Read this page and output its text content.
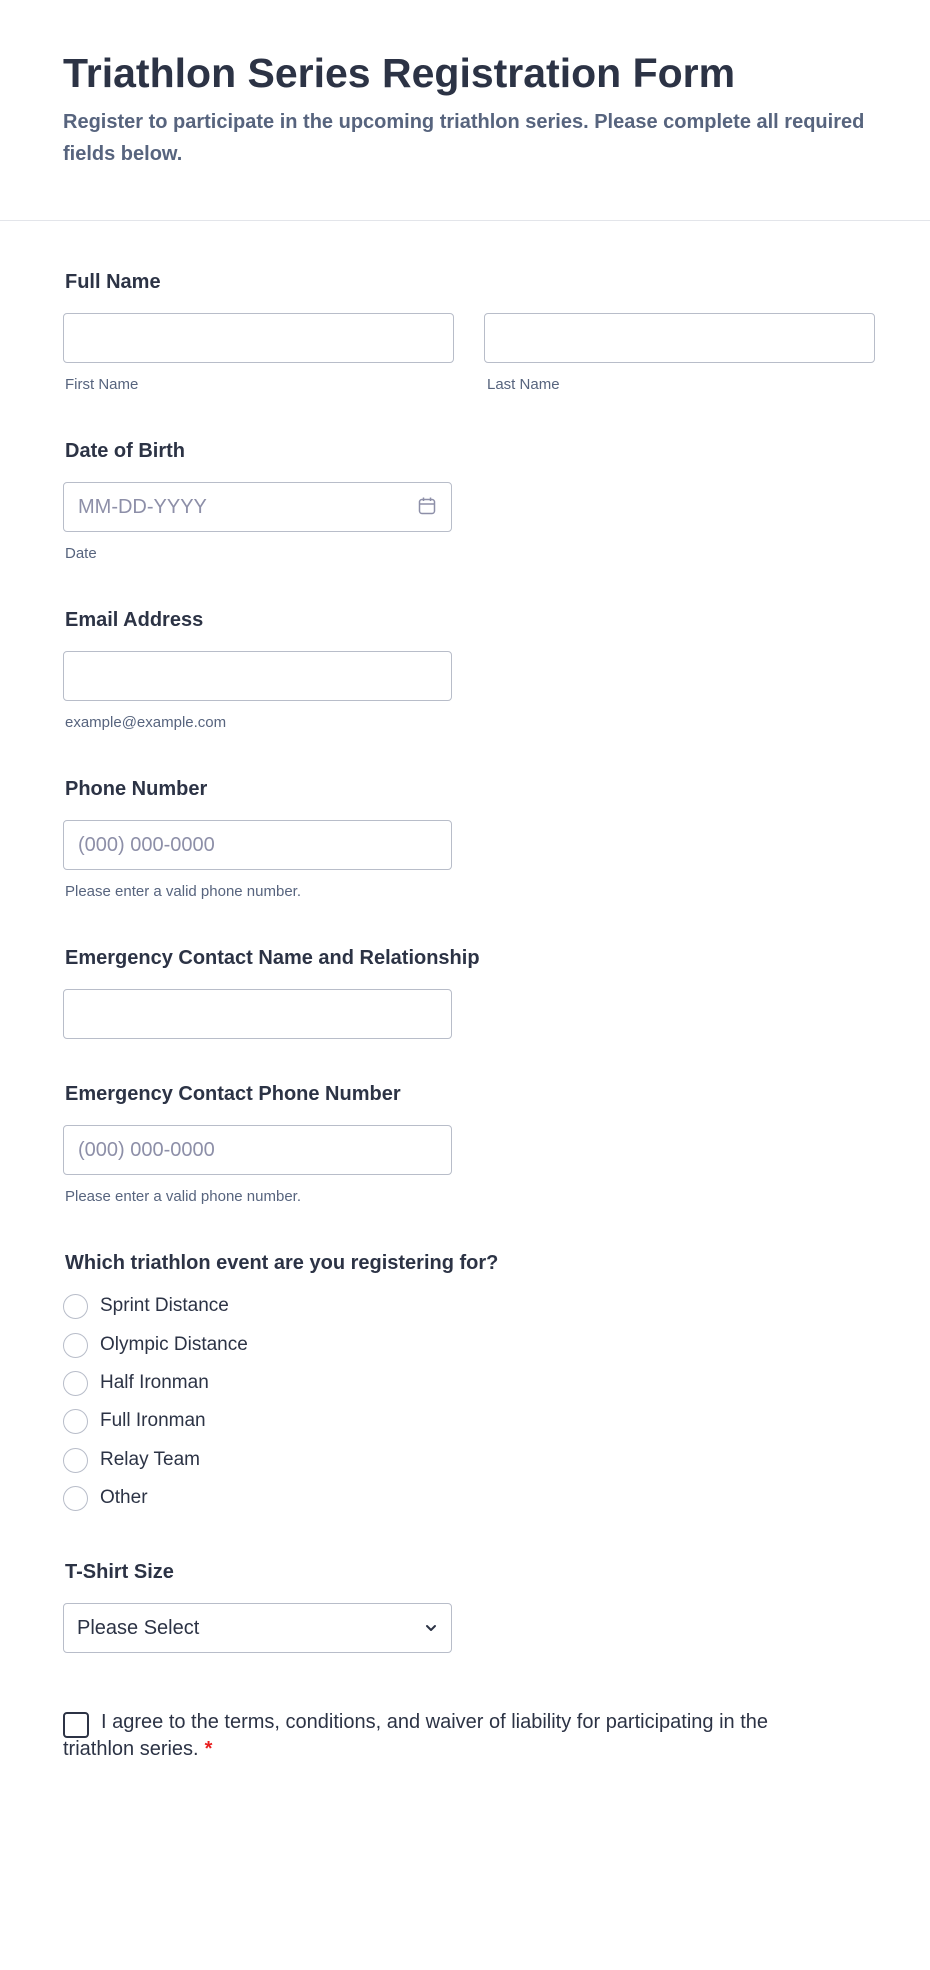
Triathlon Series Registration Form

Register to participate in the upcoming triathlon series. Please complete all required fields below.

Full Name
First Name	Last Name
Date of Birth
MM-DD-YYYY
Date
Email Address
example@example.com
Phone Number
(000) 000-0000
Please enter a valid phone number.
Emergency Contact Name and Relationship
Emergency Contact Phone Number
(000) 000-0000
Please enter a valid phone number.
Which triathlon event are you registering for?
Sprint Distance
Olympic Distance
Half Ironman
Full Ironman
Relay Team
Other
T-Shirt Size
Please Select

I agree to the terms, conditions, and waiver of liability for participating in the triathlon series. *
